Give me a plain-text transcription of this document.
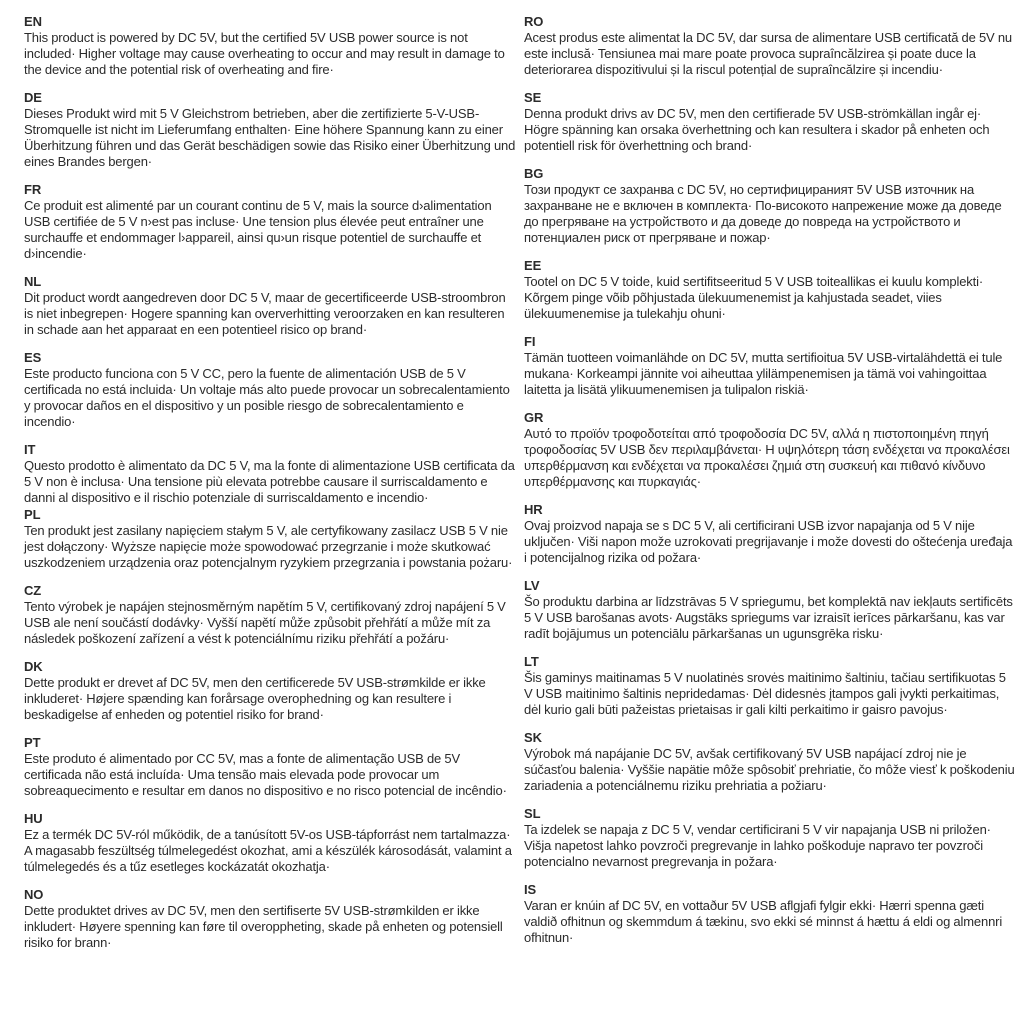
EN

This product is powered by DC 5V, but the certified 5V USB power source is not included· Higher voltage may cause overheating to occur and may result in damage to the device and the potential risk of overheating and fire·

DE

Dieses Produkt wird mit 5 V Gleichstrom betrieben, aber die zertifizierte 5-V-USB-Stromquelle ist nicht im Lieferumfang enthalten· Eine höhere Spannung kann zu einer Überhitzung führen und das Gerät beschädigen sowie das Risiko einer Überhitzung und eines Brandes bergen·

FR

Ce produit est alimenté par un courant continu de 5 V, mais la source d›alimentation USB certifiée de 5 V n›est pas incluse· Une tension plus élevée peut entraîner une surchauffe et endommager l›appareil, ainsi qu›un risque potentiel de surchauffe et d›incendie·

NL

Dit product wordt aangedreven door DC 5 V, maar de gecertificeerde USB-stroombron is niet inbegrepen· Hogere spanning kan oververhitting veroorzaken en kan resulteren in schade aan het apparaat en een potentieel risico op brand·

ES

Este producto funciona con 5 V CC, pero la fuente de alimentación USB de 5 V certificada no está incluida· Un voltaje más alto puede provocar un sobrecalentamiento y provocar daños en el dispositivo y un posible riesgo de sobrecalentamiento e incendio·

IT

Questo prodotto è alimentato da DC 5 V, ma la fonte di alimentazione USB certificata da 5 V non è inclusa· Una tensione più elevata potrebbe causare il surriscaldamento e danni al dispositivo e il rischio potenziale di surriscaldamento e incendio·

PL

Ten produkt jest zasilany napięciem stałym 5 V, ale certyfikowany zasilacz USB 5 V nie jest dołączony· Wyższe napięcie może spowodować przegrzanie i może skutkować uszkodzeniem urządzenia oraz potencjalnym ryzykiem przegrzania i powstania pożaru·

CZ

Tento výrobek je napájen stejnosměrným napětím 5 V, certifikovaný zdroj napájení 5 V USB ale není součástí dodávky· Vyšší napětí může způsobit přehřátí a může mít za následek poškození zařízení a vést k potenciálnímu riziku přehřátí a požáru·

DK

Dette produkt er drevet af DC 5V, men den certificerede 5V USB-strømkilde er ikke inkluderet· Højere spænding kan forårsage overophedning og kan resultere i beskadigelse af enheden og potentiel risiko for brand·

PT

Este produto é alimentado por CC 5V, mas a fonte de alimentação USB de 5V certificada não está incluída· Uma tensão mais elevada pode provocar um sobreaquecimento e resultar em danos no dispositivo e no risco potencial de incêndio·

HU

Ez a termék DC 5V-ról működik, de a tanúsított 5V-os USB-tápforrást nem tartalmazza· A magasabb feszültség túlmelegedést okozhat, ami a készülék károsodását, valamint a túlmelegedés és a tűz esetleges kockázatát okozhatja·

NO

Dette produktet drives av DC 5V, men den sertifiserte 5V USB-strømkilden er ikke inkludert· Høyere spenning kan føre til overoppheting, skade på enheten og potensiell risiko for brann·

RO

Acest produs este alimentat la DC 5V, dar sursa de alimentare USB certificată de 5V nu este inclusă· Tensiunea mai mare poate provoca supraîncălzirea și poate duce la deteriorarea dispozitivului și la riscul potențial de supraîncălzire și incendiu·

SE

Denna produkt drivs av DC 5V, men den certifierade 5V USB-strömkällan ingår ej· Högre spänning kan orsaka överhettning och kan resultera i skador på enheten och potentiell risk för överhettning och brand·

BG

Този продукт се захранва с DC 5V, но сертифицираният 5V USB източник на захранване не е включен в комплекта· По-високото напрежение може да доведе до прегряване на устройството и да доведе до повреда на устройството и потенциален риск от прегряване и пожар·

EE

Tootel on DC 5 V toide, kuid sertifitseeritud 5 V USB toiteallikas ei kuulu komplekti· Kõrgem pinge võib põhjustada ülekuumenemist ja kahjustada seadet, viies ülekuumenemise ja tulekahju ohuni·

FI

Tämän tuotteen voimanlähde on DC 5V, mutta sertifioitua 5V USB-virtalähdettä ei tule mukana· Korkeampi jännite voi aiheuttaa ylilämpenemisen ja tämä voi vahingoittaa laitetta ja lisätä ylikuumenemisen ja tulipalon riskiä·

GR

Αυτό το προϊόν τροφοδοτείται από τροφοδοσία DC 5V, αλλά η πιστοποιημένη πηγή τροφοδοσίας 5V USB δεν περιλαμβάνεται· Η υψηλότερη τάση ενδέχεται να προκαλέσει υπερθέρμανση και ενδέχεται να προκαλέσει ζημιά στη συσκευή και πιθανό κίνδυνο υπερθέρμανσης και πυρκαγιάς·

HR

Ovaj proizvod napaja se s DC 5 V, ali certificirani USB izvor napajanja od 5 V nije uključen· Viši napon može uzrokovati pregrijavanje i može dovesti do oštećenja uređaja i potencijalnog rizika od požara·

LV

Šo produktu darbina ar līdzstrāvas 5 V spriegumu, bet komplektā nav iekļauts sertificēts 5 V USB barošanas avots· Augstāks spriegums var izraisīt ierīces pārkaršanu, kas var radīt bojājumus un potenciālu pārkaršanas un ugunsgrēka risku·

LT

Šis gaminys maitinamas 5 V nuolatinės srovės maitinimo šaltiniu, tačiau sertifikuotas 5 V USB maitinimo šaltinis nepridedamas· Dėl didesnės įtampos gali įvykti perkaitimas, dėl kurio gali būti pažeistas prietaisas ir gali kilti perkaitimo ir gaisro pavojus·

SK

Výrobok má napájanie DC 5V, avšak certifikovaný 5V USB napájací zdroj nie je súčasťou balenia· Vyššie napätie môže spôsobiť prehriatie, čo môže viesť k poškodeniu zariadenia a potenciálnemu riziku prehriatia a požiaru·

SL

Ta izdelek se napaja z DC 5 V, vendar certificirani 5 V vir napajanja USB ni priložen· Višja napetost lahko povzroči pregrevanje in lahko poškoduje napravo ter povzroči potencialno nevarnost pregrevanja in požara·

IS

Varan er knúin af DC 5V, en vottaður 5V USB aflgjafi fylgir ekki· Hærri spenna gæti valdið ofhitnun og skemmdum á tækinu, svo ekki sé minnst á hættu á eldi og almennri ofhitnun·
